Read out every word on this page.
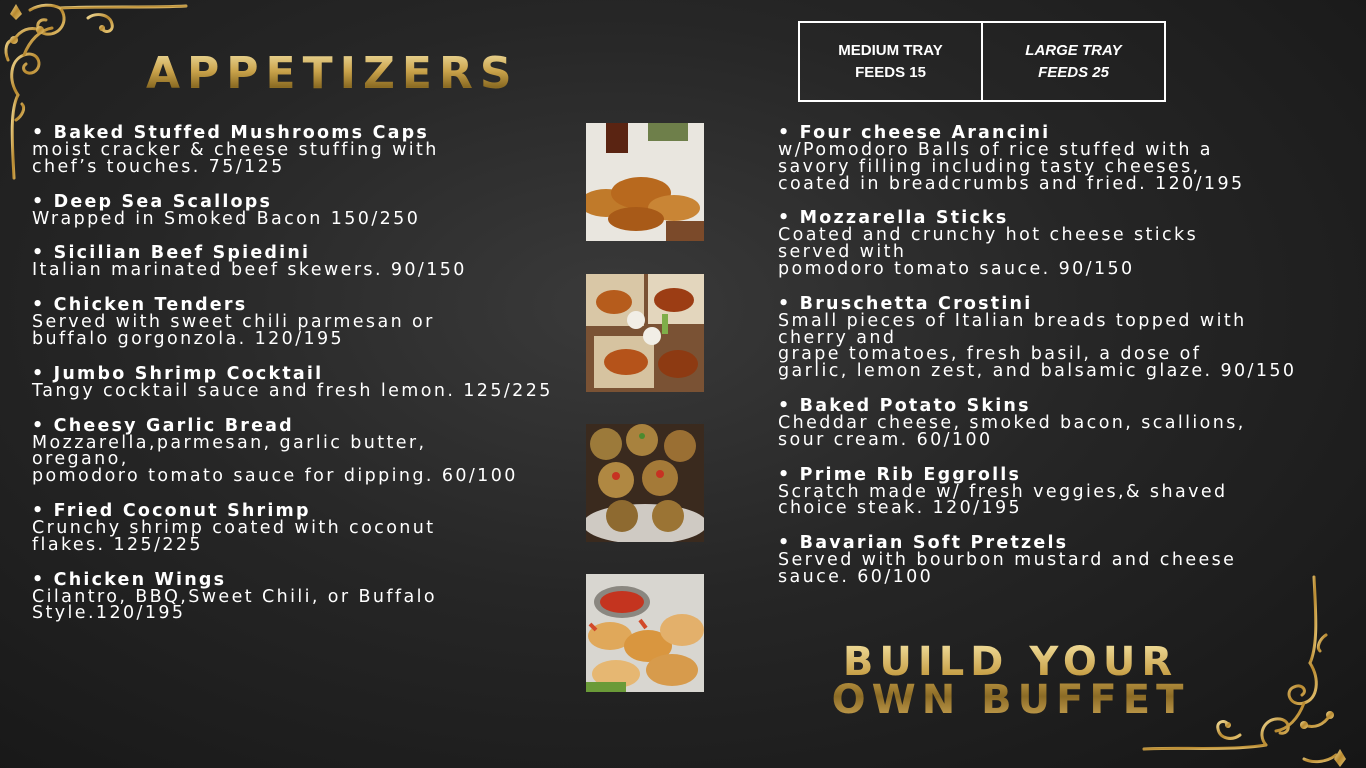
APPETIZERS	MEDIUM TRAY
FEEDS 15
LARGE TRAY
FEEDS 25
• Baked Stuffed Mushrooms Caps
moist cracker & cheese stuffing with
chef’s touches. 75/125
• Deep Sea Scallops
Wrapped in Smoked Bacon 150/250
• Sicilian Beef Spiedini
Italian marinated beef skewers. 90/150
• Chicken Tenders
Served with sweet chili parmesan or
buffalo gorgonzola. 120/195
• Jumbo Shrimp Cocktail
Tangy cocktail sauce and fresh lemon. 125/225
• Cheesy Garlic Bread
Mozzarella,parmesan, garlic butter,
oregano,
pomodoro tomato sauce for dipping. 60/100
• Fried Coconut Shrimp
Crunchy shrimp coated with coconut
flakes. 125/225
• Chicken Wings
Cilantro, BBQ,Sweet Chili, or Buffalo
Style.120/195
• Four cheese Arancini
w/Pomodoro Balls of rice stuffed with a
savory filling including tasty cheeses,
coated in breadcrumbs and fried. 120/195
• Mozzarella Sticks
Coated and crunchy hot cheese sticks
served with
pomodoro tomato sauce. 90/150
• Bruschetta Crostini
Small pieces of Italian breads topped with
cherry and
grape tomatoes, fresh basil, a dose of
garlic, lemon zest, and balsamic glaze. 90/150
• Baked Potato Skins
Cheddar cheese, smoked bacon, scallions,
sour cream. 60/100
• Prime Rib Eggrolls
Scratch made w/ fresh veggies,& shaved
choice steak. 120/195
• Bavarian Soft Pretzels
Served with bourbon mustard and cheese
sauce. 60/100
BUILD YOUR
OWN BUFFET
